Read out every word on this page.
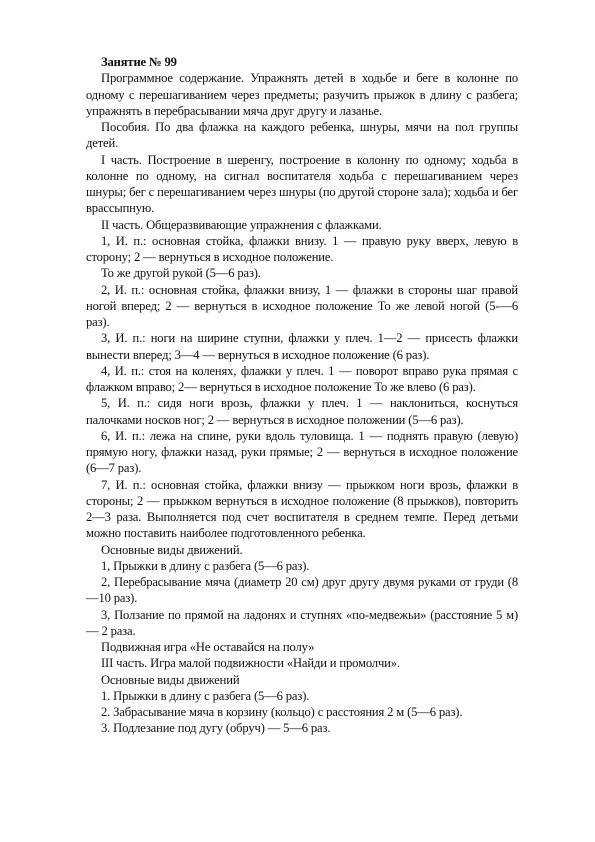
Занятие № 99

Программное содержание. Упражнять детей в ходьбе и беге в колонне по одному с перешагиванием через предметы; разучить прыжок в длину с разбега; упражнять в перебрасывании мяча друг другу и лазанье.

Пособия. По два флажка на каждого ребенка, шнуры, мячи на пол группы детей.

I часть. Построение в шеренгу, построение в колонну по одному; ходьба в колонне по одному, на сигнал воспитателя ходьба с перешагиванием через шнуры; бег с перешагиванием через шнуры (по другой стороне зала); ходьба и бег врассыпную.

II часть. Общеразвивающие упражнения с флажками.

1, И. п.: основная стойка, флажки внизу. 1 — правую руку вверх, левую в сторону; 2 — вернуться в исходное положение.

То же другой рукой (5—6 раз).

2, И. п.: основная стойка, флажки внизу, 1 — флажки в стороны шаг правой ногой вперед; 2 — вернуться в исходное положение То же левой ногой (5-—6 раз).

3, И. п.: ноги на ширине ступни, флажки у плеч. 1—2 — присесть флажки вынести вперед; 3—4 — вернуться в исходное положение (6 раз).

4, И. п.: стоя на коленях, флажки у плеч. 1 — поворот вправо рука прямая с флажком вправо; 2— вернуться в исходное положение То же влево (6 раз).

5, И. п.: сидя ноги врозь, флажки у плеч. 1 — наклониться, коснуться палочками носков ног; 2 — вернуться в исходное положении (5—6 раз).

6, И. п.: лежа на спине, руки вдоль туловища. 1 — поднять правую (левую) прямую ногу, флажки назад, руки прямые; 2 — вернуться в исходное положение (6—7 раз).

7, И. п.: основная стойка, флажки внизу — прыжком ноги врозь, флажки в стороны; 2 — прыжком вернуться в исходное положение (8 прыжков), повторить 2—3 раза. Выполняется под счет воспитателя в среднем темпе. Перед детьми можно поставить наиболее подготовленного ребенка.

Основные виды движений.

1, Прыжки в длину с разбега (5—6 раз).

2, Перебрасывание мяча (диаметр 20 см) друг другу двумя руками от груди (8—10 раз).

3, Ползание по прямой на ладонях и ступнях «по-медвежьи» (расстояние 5 м) — 2 раза.

Подвижная игра «Не оставайся на полу»

III часть. Игра малой подвижности «Найди и промолчи».

Основные виды движений

1. Прыжки в длину с разбега (5—6 раз).

2. Забрасывание мяча в корзину (кольцо) с расстояния 2 м (5—6 раз).

3. Подлезание под дугу (обруч) — 5—6 раз.
